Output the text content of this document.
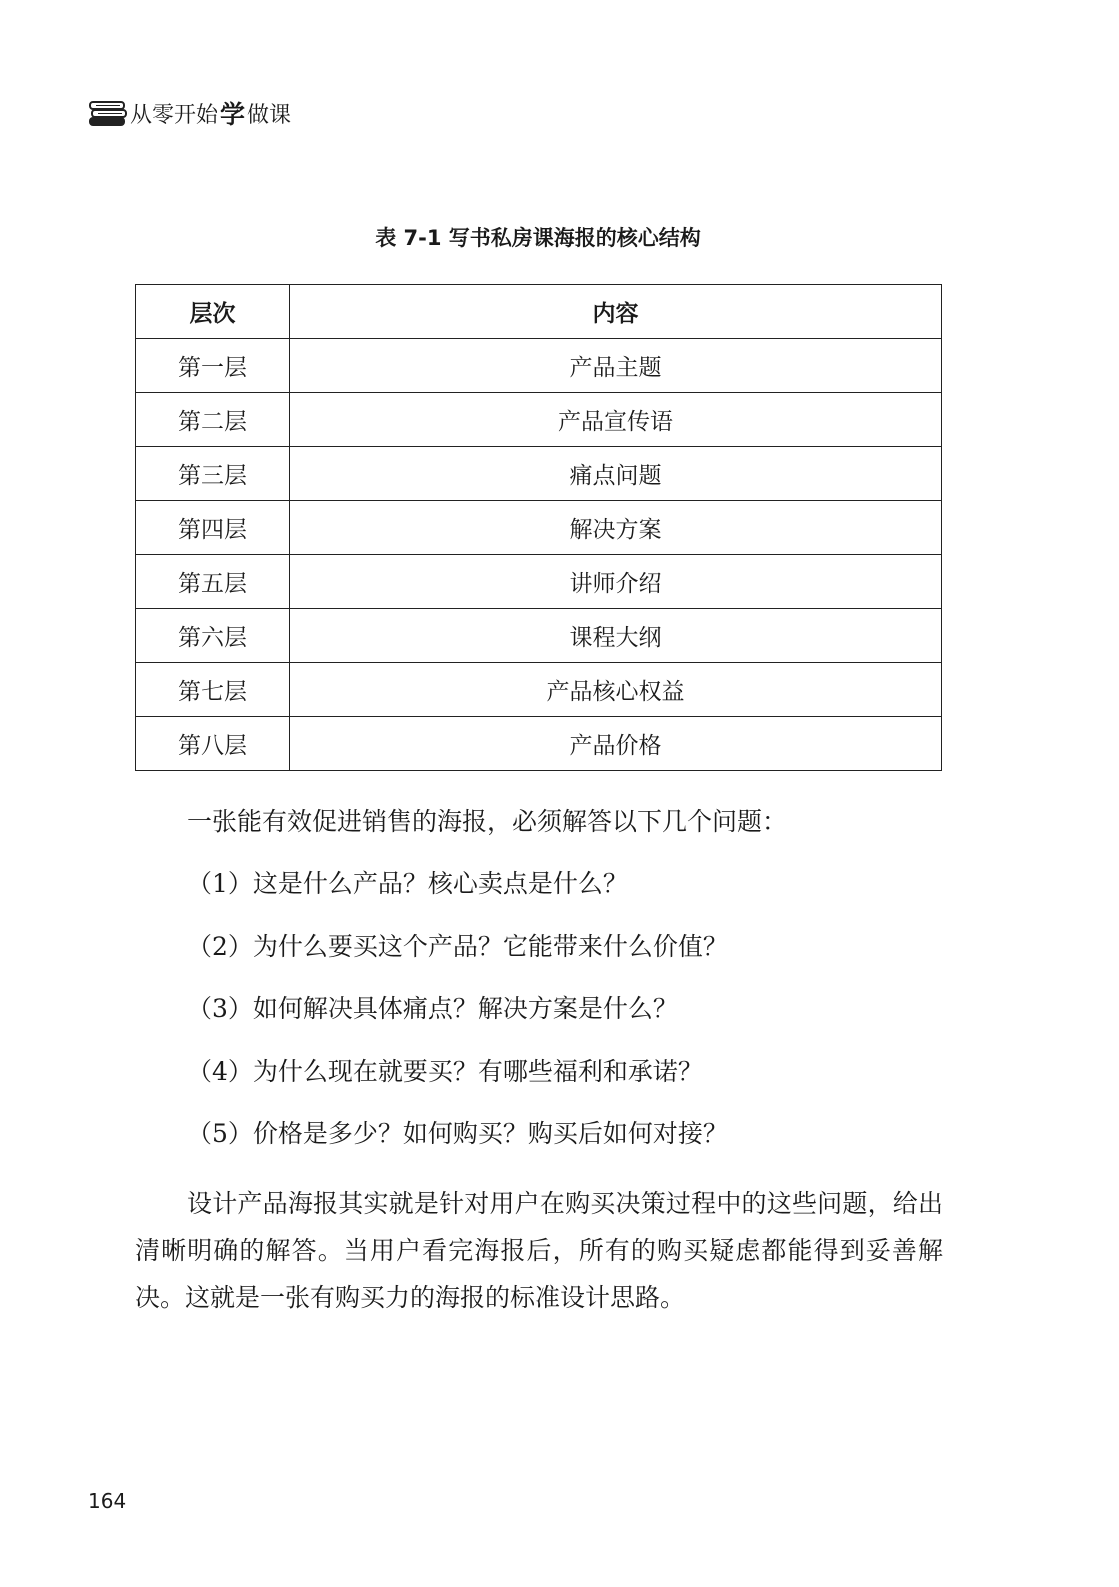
从零开始 学 做课
表 7-1 写书私房课海报的核心结构
层次	内容
第一层	产品主题
第二层	产品宣传语
第三层	痛点问题
第四层	解决方案
第五层	讲师介绍
第六层	课程大纲
第七层	产品核心权益
第八层	产品价格

一张能有效促进销售的海报，必须解答以下几个问题：

（1）这是什么产品？核心卖点是什么？
（2）为什么要买这个产品？它能带来什么价值？
（3）如何解决具体痛点？解决方案是什么？
（4）为什么现在就要买？有哪些福利和承诺？
（5）价格是多少？如何购买？购买后如何对接？

设计产品海报其实就是针对用户在购买决策过程中的这些问题，给出清晰明确的解答。当用户看完海报后，所有的购买疑虑都能得到妥善解决。这就是一张有购买力的海报的标准设计思路。

164
